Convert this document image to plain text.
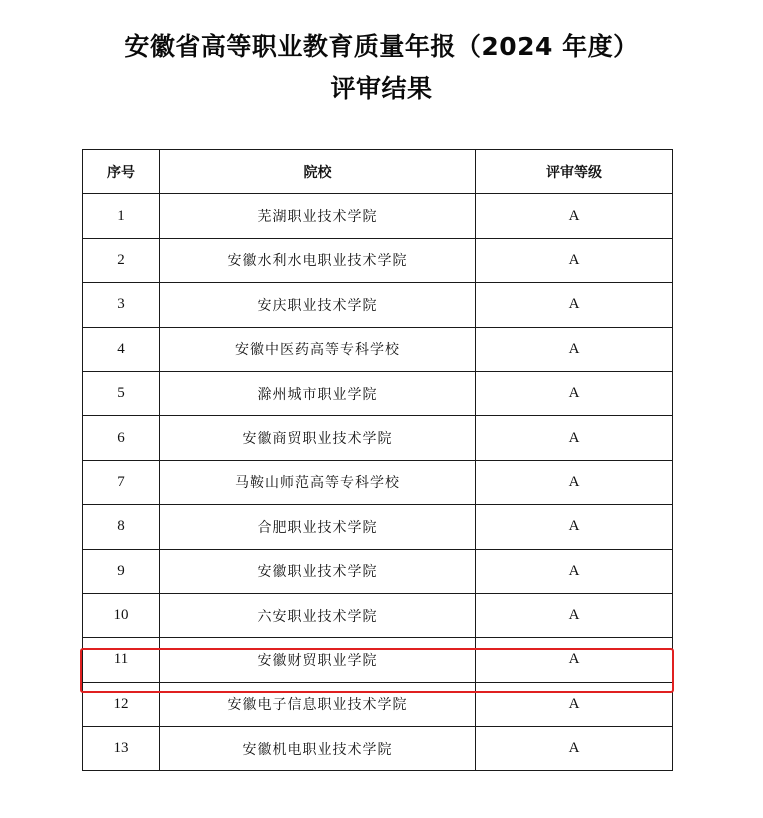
安徽省高等职业教育质量年报（2024 年度）
评审结果
序号	院校	评审等级
1	芜湖职业技术学院	A
2	安徽水利水电职业技术学院	A
3	安庆职业技术学院	A
4	安徽中医药高等专科学校	A
5	滁州城市职业学院	A
6	安徽商贸职业技术学院	A
7	马鞍山师范高等专科学校	A
8	合肥职业技术学院	A
9	安徽职业技术学院	A
10	六安职业技术学院	A
11	安徽财贸职业学院	A
12	安徽电子信息职业技术学院	A
13	安徽机电职业技术学院	A
